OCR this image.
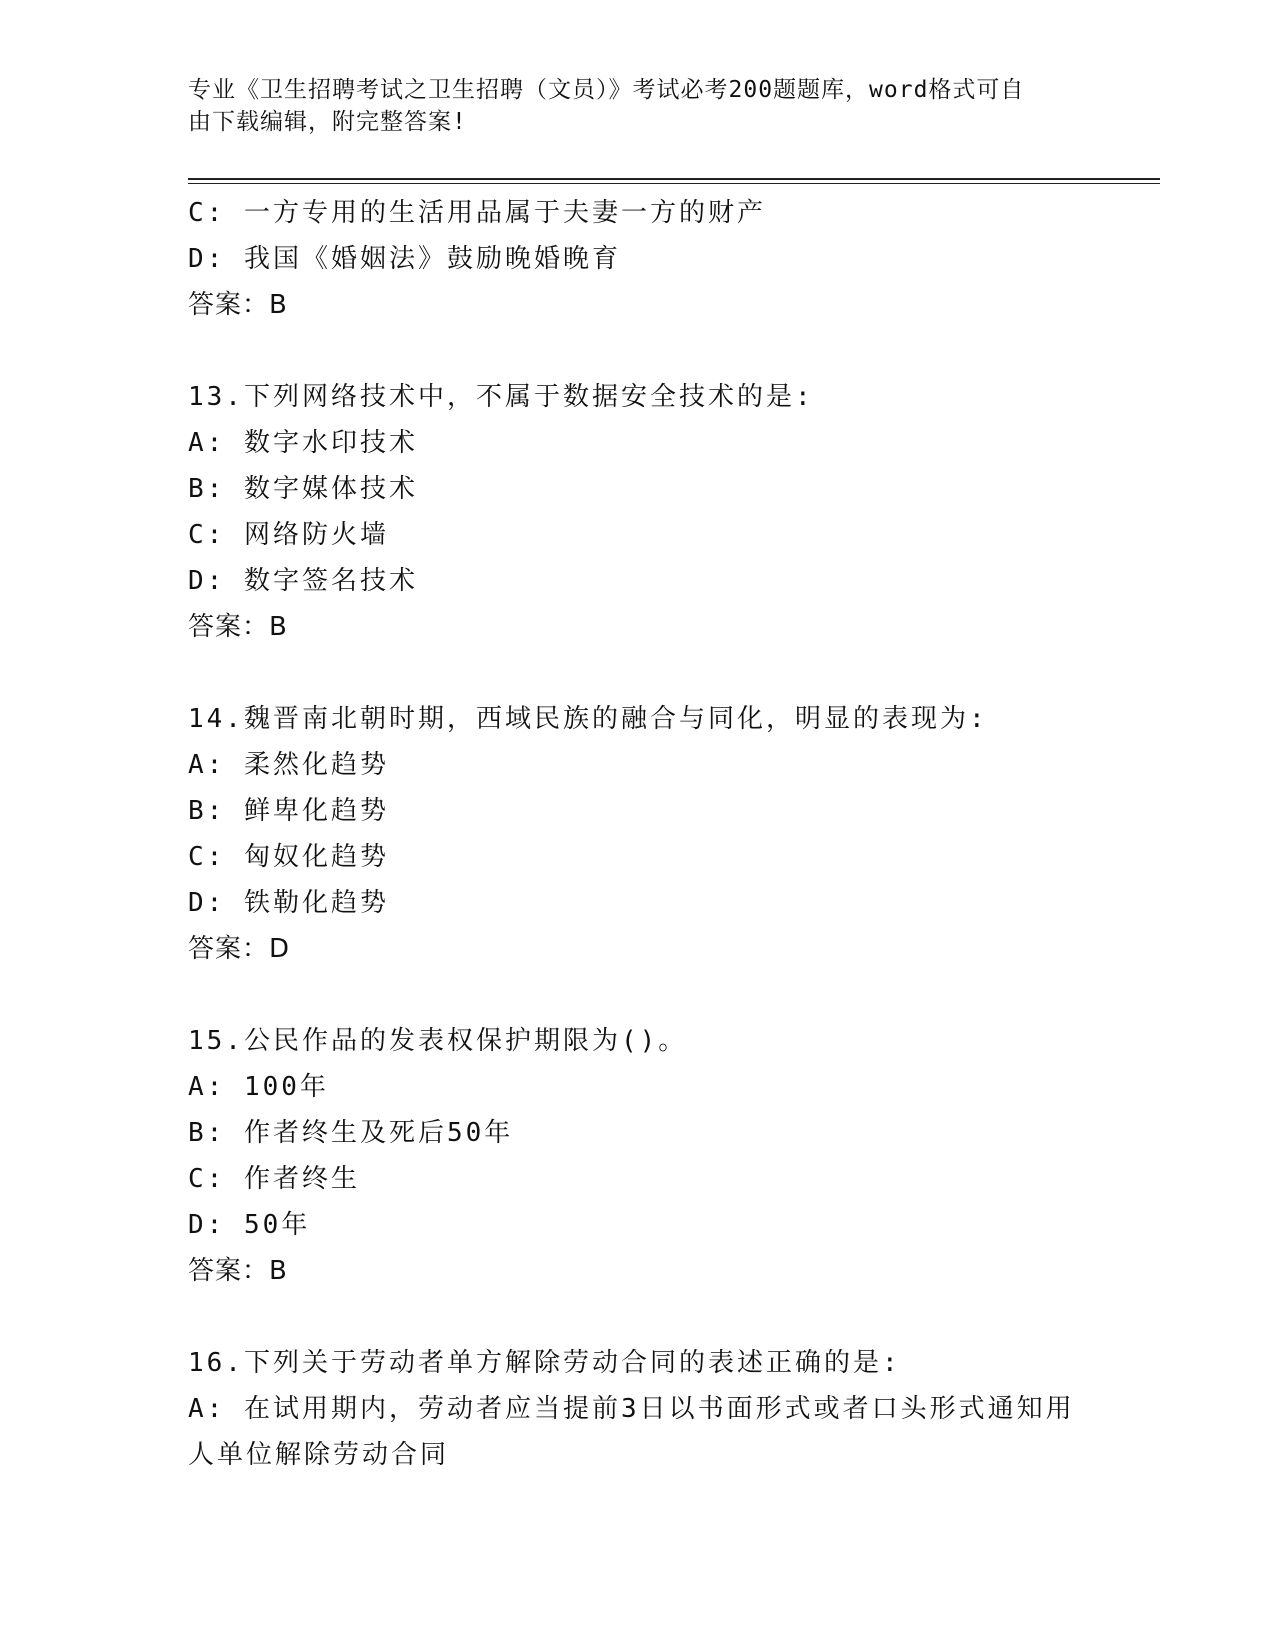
专业《卫生招聘考试之卫生招聘（文员）》考试必考200题题库，word格式可自
由下载编辑，附完整答案!
C: 一方专用的生活用品属于夫妻一方的财产
D: 我国《婚姻法》鼓励晚婚晚育
答案：B
13.下列网络技术中，不属于数据安全技术的是:
A: 数字水印技术
B: 数字媒体技术
C: 网络防火墙
D: 数字签名技术
答案：B
14.魏晋南北朝时期，西域民族的融合与同化，明显的表现为:
A: 柔然化趋势
B: 鲜卑化趋势
C: 匈奴化趋势
D: 铁勒化趋势
答案：D
15.公民作品的发表权保护期限为()。
A: 100年
B: 作者终生及死后50年
C: 作者终生
D: 50年
答案：B
16.下列关于劳动者单方解除劳动合同的表述正确的是:
A: 在试用期内，劳动者应当提前3日以书面形式或者口头形式通知用
人单位解除劳动合同
